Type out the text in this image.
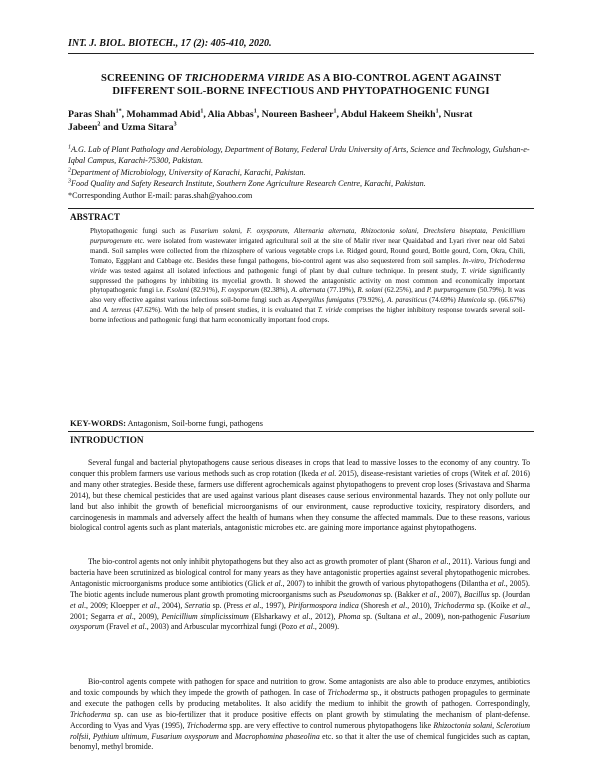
INT. J. BIOL. BIOTECH., 17 (2): 405-410, 2020.
SCREENING OF TRICHODERMA VIRIDE AS A BIO-CONTROL AGENT AGAINST
DIFFERENT SOIL-BORNE INFECTIOUS AND PHYTOPATHOGENIC FUNGI
Paras Shah$^{1*}$, Mohammad Abid$^1$, Alia Abbas$^1$, Noureen Basheer$^1$, Abdul Hakeem Sheikh$^1$, Nusrat
Jabeen$^2$ and Uzma Sitara$^3$
$^1$A.G. Lab of Plant Pathology and Aerobiology, Department of Botany, Federal Urdu University of Arts, Science and Technology, Gulshan-e-Iqbal Campus, Karachi-75300, Pakistan.
$^2$Department of Microbiology, University of Karachi, Karachi, Pakistan.
$^3$Food Quality and Safety Research Institute, Southern Zone Agriculture Research Centre, Karachi, Pakistan.
*Corresponding Author E-mail: paras.shah@yahoo.com
ABSTRACT
Phytopathogenic fungi such as Fusarium solani, F. oxysporum, Alternaria alternata, Rhizoctonia solani, Drechslera biseptata, Penicillium purpurogenum etc. were isolated from wastewater irrigated agricultural soil at the site of Malir river near Quaidabad and Lyari river near old Sabzi mandi. Soil samples were collected from the rhizosphere of various vegetable crops i.e. Ridged gourd, Round gourd, Bottle gourd, Corn, Okra, Chili, Tomato, Eggplant and Cabbage etc. Besides these fungal pathogens, bio-control agent was also sequestered from soil samples. In-vitro, Trichoderma viride was tested against all isolated infectious and pathogenic fungi of plant by dual culture technique. In present study, T. viride significantly suppressed the pathogens by inhibiting its mycelial growth. It showed the antagonistic activity on most common and economically important phytopathogenic fungi i.e. F.solani (82.91%), F. oxysporum (82.38%), A. alternata (77.19%), R. solani (62.25%), and P. purpurogenum (50.79%). It was also very effective against various infectious soil-borne fungi such as Aspergillus fumigatus (79.92%), A. parasiticus (74.69%) Humicola sp. (66.67%) and A. terreus (47.62%). With the help of present studies, it is evaluated that T. viride comprises the higher inhibitory response towards several soil-borne infectious and pathogenic fungi that harm economically important food crops.
KEY-WORDS: Antagonism, Soil-borne fungi, pathogens
INTRODUCTION

Several fungal and bacterial phytopathogens cause serious diseases in crops that lead to massive losses to the economy of any country. To conquer this problem farmers use various methods such as crop rotation (Ikeda et al. 2015), disease-resistant varieties of crops (Witek et al. 2016) and many other strategies. Beside these, farmers use different agrochemicals against phytopathogens to prevent crop loses (Srivastava and Sharma 2014), but these chemical pesticides that are used against various plant diseases cause serious environmental hazards. They not only pollute our land but also inhibit the growth of beneficial microorganisms of our environment, cause reproductive toxicity, respiratory disorders, and carcinogenesis in mammals and adversely affect the health of humans when they consume the affected mammals. Due to these reasons, various biological control agents such as plant materials, antagonistic microbes etc. are gaining more importance against phytopathogens.

The bio-control agents not only inhibit phytopathogens but they also act as growth promoter of plant (Sharon et al., 2011). Various fungi and bacteria have been scrutinized as biological control for many years as they have antagonistic properties against several phytopathogenic microbes. Antagonistic microorganisms produce some antibiotics (Glick et al., 2007) to inhibit the growth of various phytopathogens (Dilantha et al., 2005). The biotic agents include numerous plant growth promoting microorganisms such as Pseudomonas sp. (Bakker et al., 2007), Bacillus sp. (Jourdan et al., 2009; Kloepper et al., 2004), Serratia sp. (Press et al., 1997), Piriformospora indica (Shoresh et al., 2010), Trichoderma sp. (Koike et al., 2001; Segarra et al., 2009), Penicillium simplicissimum (Elsharkawy et al., 2012), Phoma sp. (Sultana et al., 2009), non-pathogenic Fusarium oxysporum (Fravel et al., 2003) and Arbuscular mycorrhizal fungi (Pozo et al., 2009).

Bio-control agents compete with pathogen for space and nutrition to grow. Some antagonists are also able to produce enzymes, antibiotics and toxic compounds by which they impede the growth of pathogen. In case of Trichoderma sp., it obstructs pathogen propagules to germinate and execute the pathogen cells by producing metabolites. It also acidify the medium to inhibit the growth of pathogen. Correspondingly, Trichoderma sp. can use as bio-fertilizer that it produce positive effects on plant growth by stimulating the mechanism of plant-defense. According to Vyas and Vyas (1995), Trichoderma spp. are very effective to control numerous phytopathogens like Rhizoctonia solani, Sclerotium rolfsii, Pythium ultimum, Fusarium oxysporum and Macrophomina phaseolina etc. so that it alter the use of chemical fungicides such as captan, benomyl, methyl bromide.
